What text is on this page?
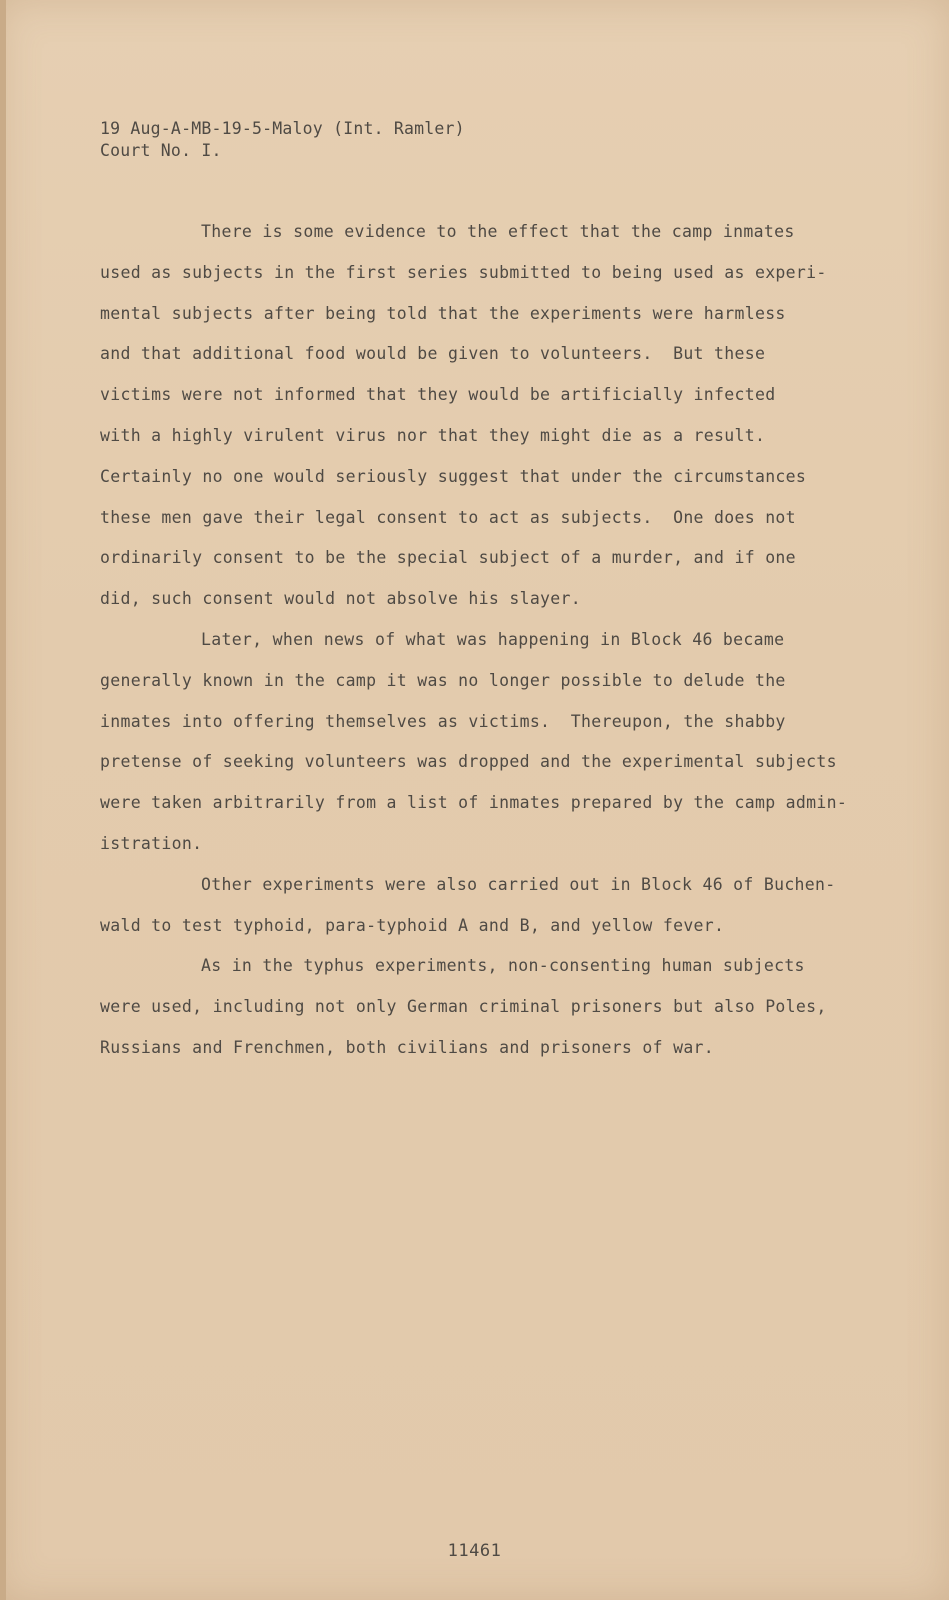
19 Aug-A-MB-19-5-Maloy (Int. Ramler)
Court No. I.
There is some evidence to the effect that the camp inmates
used as subjects in the first series submitted to being used as experi-
mental subjects after being told that the experiments were harmless
and that additional food would be given to volunteers.  But these
victims were not informed that they would be artificially infected
with a highly virulent virus nor that they might die as a result.
Certainly no one would seriously suggest that under the circumstances
these men gave their legal consent to act as subjects.  One does not
ordinarily consent to be the special subject of a murder, and if one
did, such consent would not absolve his slayer.
Later, when news of what was happening in Block 46 became
generally known in the camp it was no longer possible to delude the
inmates into offering themselves as victims.  Thereupon, the shabby
pretense of seeking volunteers was dropped and the experimental subjects
were taken arbitrarily from a list of inmates prepared by the camp admin-
istration.
Other experiments were also carried out in Block 46 of Buchen-
wald to test typhoid, para-typhoid A and B, and yellow fever.
As in the typhus experiments, non-consenting human subjects
were used, including not only German criminal prisoners but also Poles,
Russians and Frenchmen, both civilians and prisoners of war.
11461
